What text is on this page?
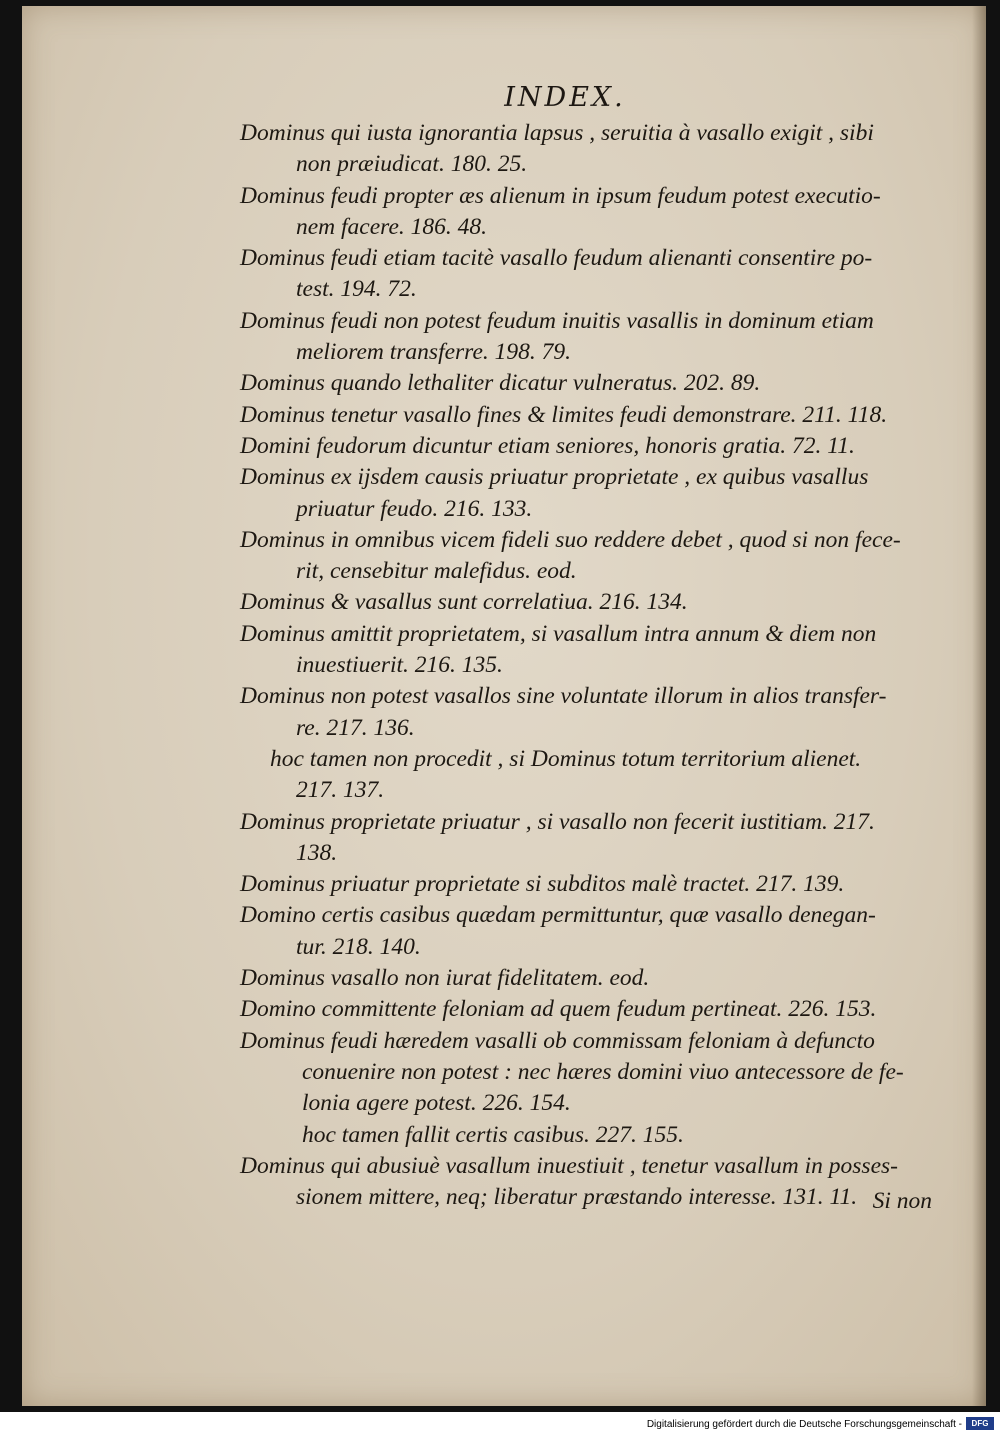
INDEX.
Dominus qui iusta ignorantia lapsus , seruitia à vasallo exigit , sibi
non præiudicat. 180. 25.
Dominus feudi propter æs alienum in ipsum feudum potest executio-
nem facere. 186. 48.
Dominus feudi etiam tacitè vasallo feudum alienanti consentire po-
test. 194. 72.
Dominus feudi non potest feudum inuitis vasallis in dominum etiam
meliorem transferre. 198. 79.
Dominus quando lethaliter dicatur vulneratus. 202. 89.
Dominus tenetur vasallo fines & limites feudi demonstrare. 211. 118.
Domini feudorum dicuntur etiam seniores, honoris gratia. 72. 11.
Dominus ex ijsdem causis priuatur proprietate , ex quibus vasallus
priuatur feudo. 216. 133.
Dominus in omnibus vicem fideli suo reddere debet , quod si non fece-
rit, censebitur malefidus. eod.
Dominus & vasallus sunt correlatiua. 216. 134.
Dominus amittit proprietatem, si vasallum intra annum & diem non
inuestiuerit. 216. 135.
Dominus non potest vasallos sine voluntate illorum in alios transfer-
re. 217. 136.
hoc tamen non procedit , si Dominus totum territorium alienet.
217. 137.
Dominus proprietate priuatur , si vasallo non fecerit iustitiam. 217.
138.
Dominus priuatur proprietate si subditos malè tractet. 217. 139.
Domino certis casibus quædam permittuntur, quæ vasallo denegan-
tur. 218. 140.
Dominus vasallo non iurat fidelitatem. eod.
Domino committente feloniam ad quem feudum pertineat. 226. 153.
Dominus feudi hæredem vasalli ob commissam feloniam à defuncto
conuenire non potest : nec hæres domini viuo antecessore de fe-
lonia agere potest. 226. 154.
hoc tamen fallit certis casibus. 227. 155.
Dominus qui abusiuè vasallum inuestiuit , tenetur vasallum in posses-
sionem mittere, neq; liberatur præstando interesse. 131. 11. Si non
Digitalisierung gefördert durch die Deutsche Forschungsgemeinschaft -	DFG
